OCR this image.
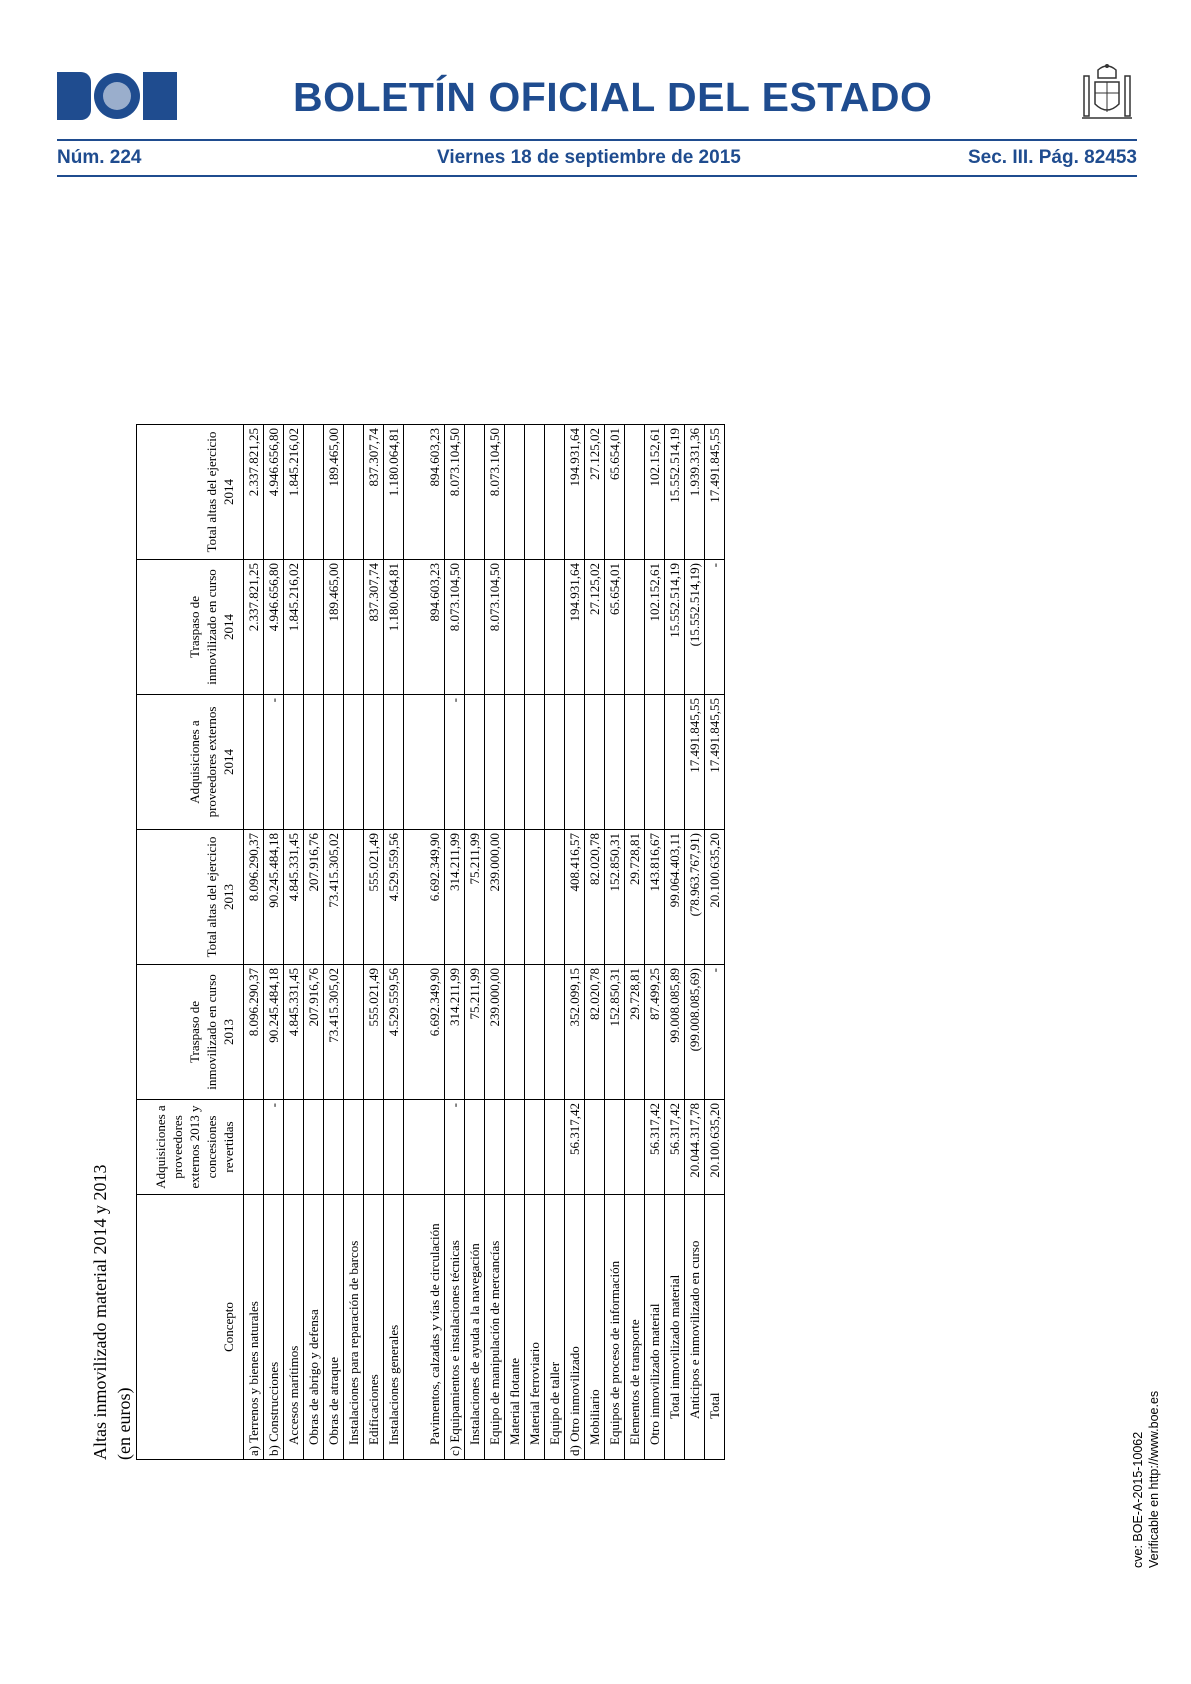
BOLETÍN OFICIAL DEL ESTADO
Núm. 224	Viernes 18 de septiembre de 2015	Sec. III. Pág. 82453
Altas inmovilizado material 2014 y 2013 (en euros)
Concepto	Adquisiciones a proveedores externos 2013 y concesiones revertidas	Traspaso de inmovilizado en curso 2013	Total altas del ejercicio 2013	Adquisiciones a proveedores externos 2014	Traspaso de inmovilizado en curso 2014	Total altas del ejercicio 2014
a) Terrenos y bienes naturales		8.096.290,37	8.096.290,37		2.337.821,25	2.337.821,25
b) Construcciones	-	90.245.484,18	90.245.484,18	-	4.946.656,80	4.946.656,80
Accesos marítimos		4.845.331,45	4.845.331,45		1.845.216,02	1.845.216,02
Obras de abrigo y defensa		207.916,76	207.916,76			
Obras de atraque		73.415.305,02	73.415.305,02		189.465,00	189.465,00
Instalaciones para reparación de barcos						
Edificaciones		555.021,49	555.021,49		837.307,74	837.307,74
Instalaciones generales		4.529.559,56	4.529.559,56		1.180.064,81	1.180.064,81
Pavimentos, calzadas y vías de circulación		6.692.349,90	6.692.349,90		894.603,23	894.603,23
c) Equipamientos e instalaciones técnicas	-	314.211,99	314.211,99	-	8.073.104,50	8.073.104,50
Instalaciones de ayuda a la navegación		75.211,99	75.211,99			
Equipo de manipulación de mercancías		239.000,00	239.000,00		8.073.104,50	8.073.104,50
Material flotante						
Material ferroviario						
Equipo de taller						
d) Otro inmovilizado	56.317,42	352.099,15	408.416,57		194.931,64	194.931,64
Mobiliario		82.020,78	82.020,78		27.125,02	27.125,02
Equipos de proceso de información		152.850,31	152.850,31		65.654,01	65.654,01
Elementos de transporte		29.728,81	29.728,81			
Otro inmovilizado material	56.317,42	87.499,25	143.816,67		102.152,61	102.152,61
Total inmovilizado material	56.317,42	99.008.085,89	99.064.403,11		15.552.514,19	15.552.514,19
Anticipos e inmovilizado en curso	20.044.317,78	(99.008.085,69)	(78.963.767,91)	17.491.845,55	(15.552.514,19)	1.939.331,36
Total	20.100.635,20	-	20.100.635,20	17.491.845,55	-	17.491.845,55
cve: BOE-A-2015-10062 Verificable en http://www.boe.es
